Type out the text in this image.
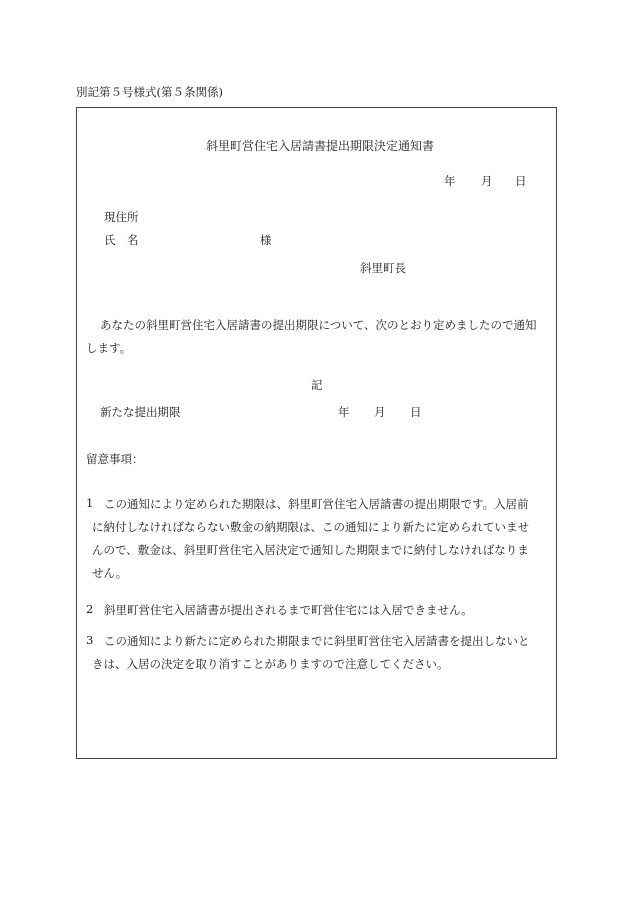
別記第５号様式(第５条関係)
斜里町営住宅入居請書提出期限決定通知書
年 月 日
現住所
氏　名	様
斜里町長
あなたの斜里町営住宅入居請書の提出期限について、次のとおり定めましたので通知
します。
記
新たな提出期限	年 月 日
留意事項：
1 この通知により定められた期限は、斜里町営住宅入居請書の提出期限です。入居前
に納付しなければならない敷金の納期限は、この通知により新たに定められていませ
んので、敷金は、斜里町営住宅入居決定で通知した期限までに納付しなければなりま
せん。
2 斜里町営住宅入居請書が提出されるまで町営住宅には入居できません。
3 この通知により新たに定められた期限までに斜里町営住宅入居請書を提出しないと
きは、入居の決定を取り消すことがありますので注意してください。
